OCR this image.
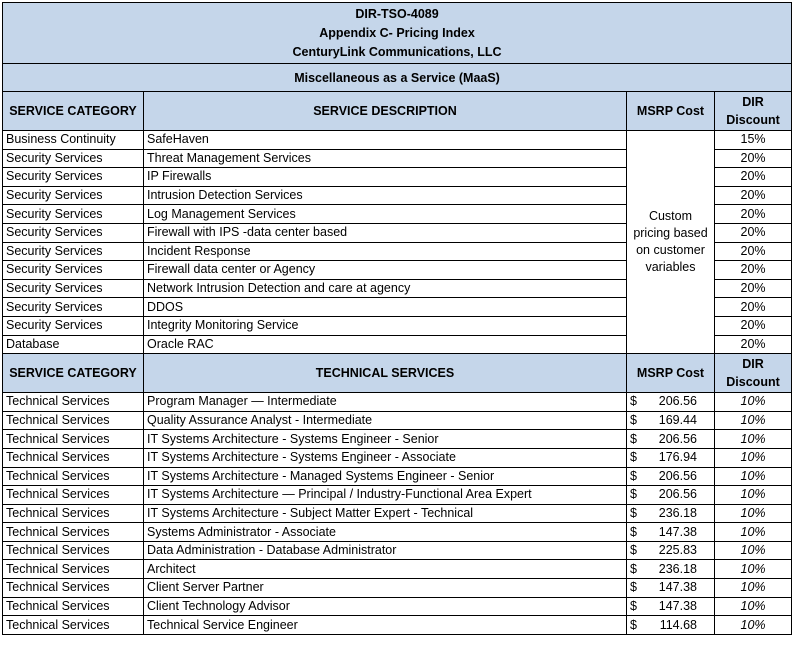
DIR-TSO-4089
Appendix C- Pricing Index
CenturyLink Communications, LLC			

Miscellaneous as a Service (MaaS)			
SERVICE CATEGORY	SERVICE DESCRIPTION	MSRP Cost	DIR Discount
Business Continuity	SafeHaven	Custom pricing based on customer variables	15%
Security Services	Threat Management Services		20%
Security Services	IP Firewalls		20%
Security Services	Intrusion Detection Services		20%
Security Services	Log Management Services		20%
Security Services	Firewall with IPS -data center based		20%
Security Services	Incident Response		20%
Security Services	Firewall data center or Agency		20%
Security Services	Network Intrusion Detection and care at agency		20%
Security Services	DDOS		20%
Security Services	Integrity Monitoring Service		20%
Database	Oracle RAC		20%
SERVICE CATEGORY	TECHNICAL SERVICES	MSRP Cost	DIR Discount
Technical Services	Program Manager — Intermediate	$ 206.56	10%
Technical Services	Quality Assurance Analyst - Intermediate	$ 169.44	10%
Technical Services	IT Systems Architecture - Systems Engineer - Senior	$ 206.56	10%
Technical Services	IT Systems Architecture - Systems Engineer - Associate	$ 176.94	10%
Technical Services	IT Systems Architecture - Managed Systems Engineer - Senior	$ 206.56	10%
Technical Services	IT Systems Architecture — Principal / Industry-Functional Area Expert	$ 206.56	10%
Technical Services	IT Systems Architecture - Subject Matter Expert - Technical	$ 236.18	10%
Technical Services	Systems Administrator - Associate	$ 147.38	10%
Technical Services	Data Administration - Database Administrator	$ 225.83	10%
Technical Services	Architect	$ 236.18	10%
Technical Services	Client Server Partner	$ 147.38	10%
Technical Services	Client Technology Advisor	$ 147.38	10%
Technical Services	Technical Service Engineer	$ 114.68	10%
